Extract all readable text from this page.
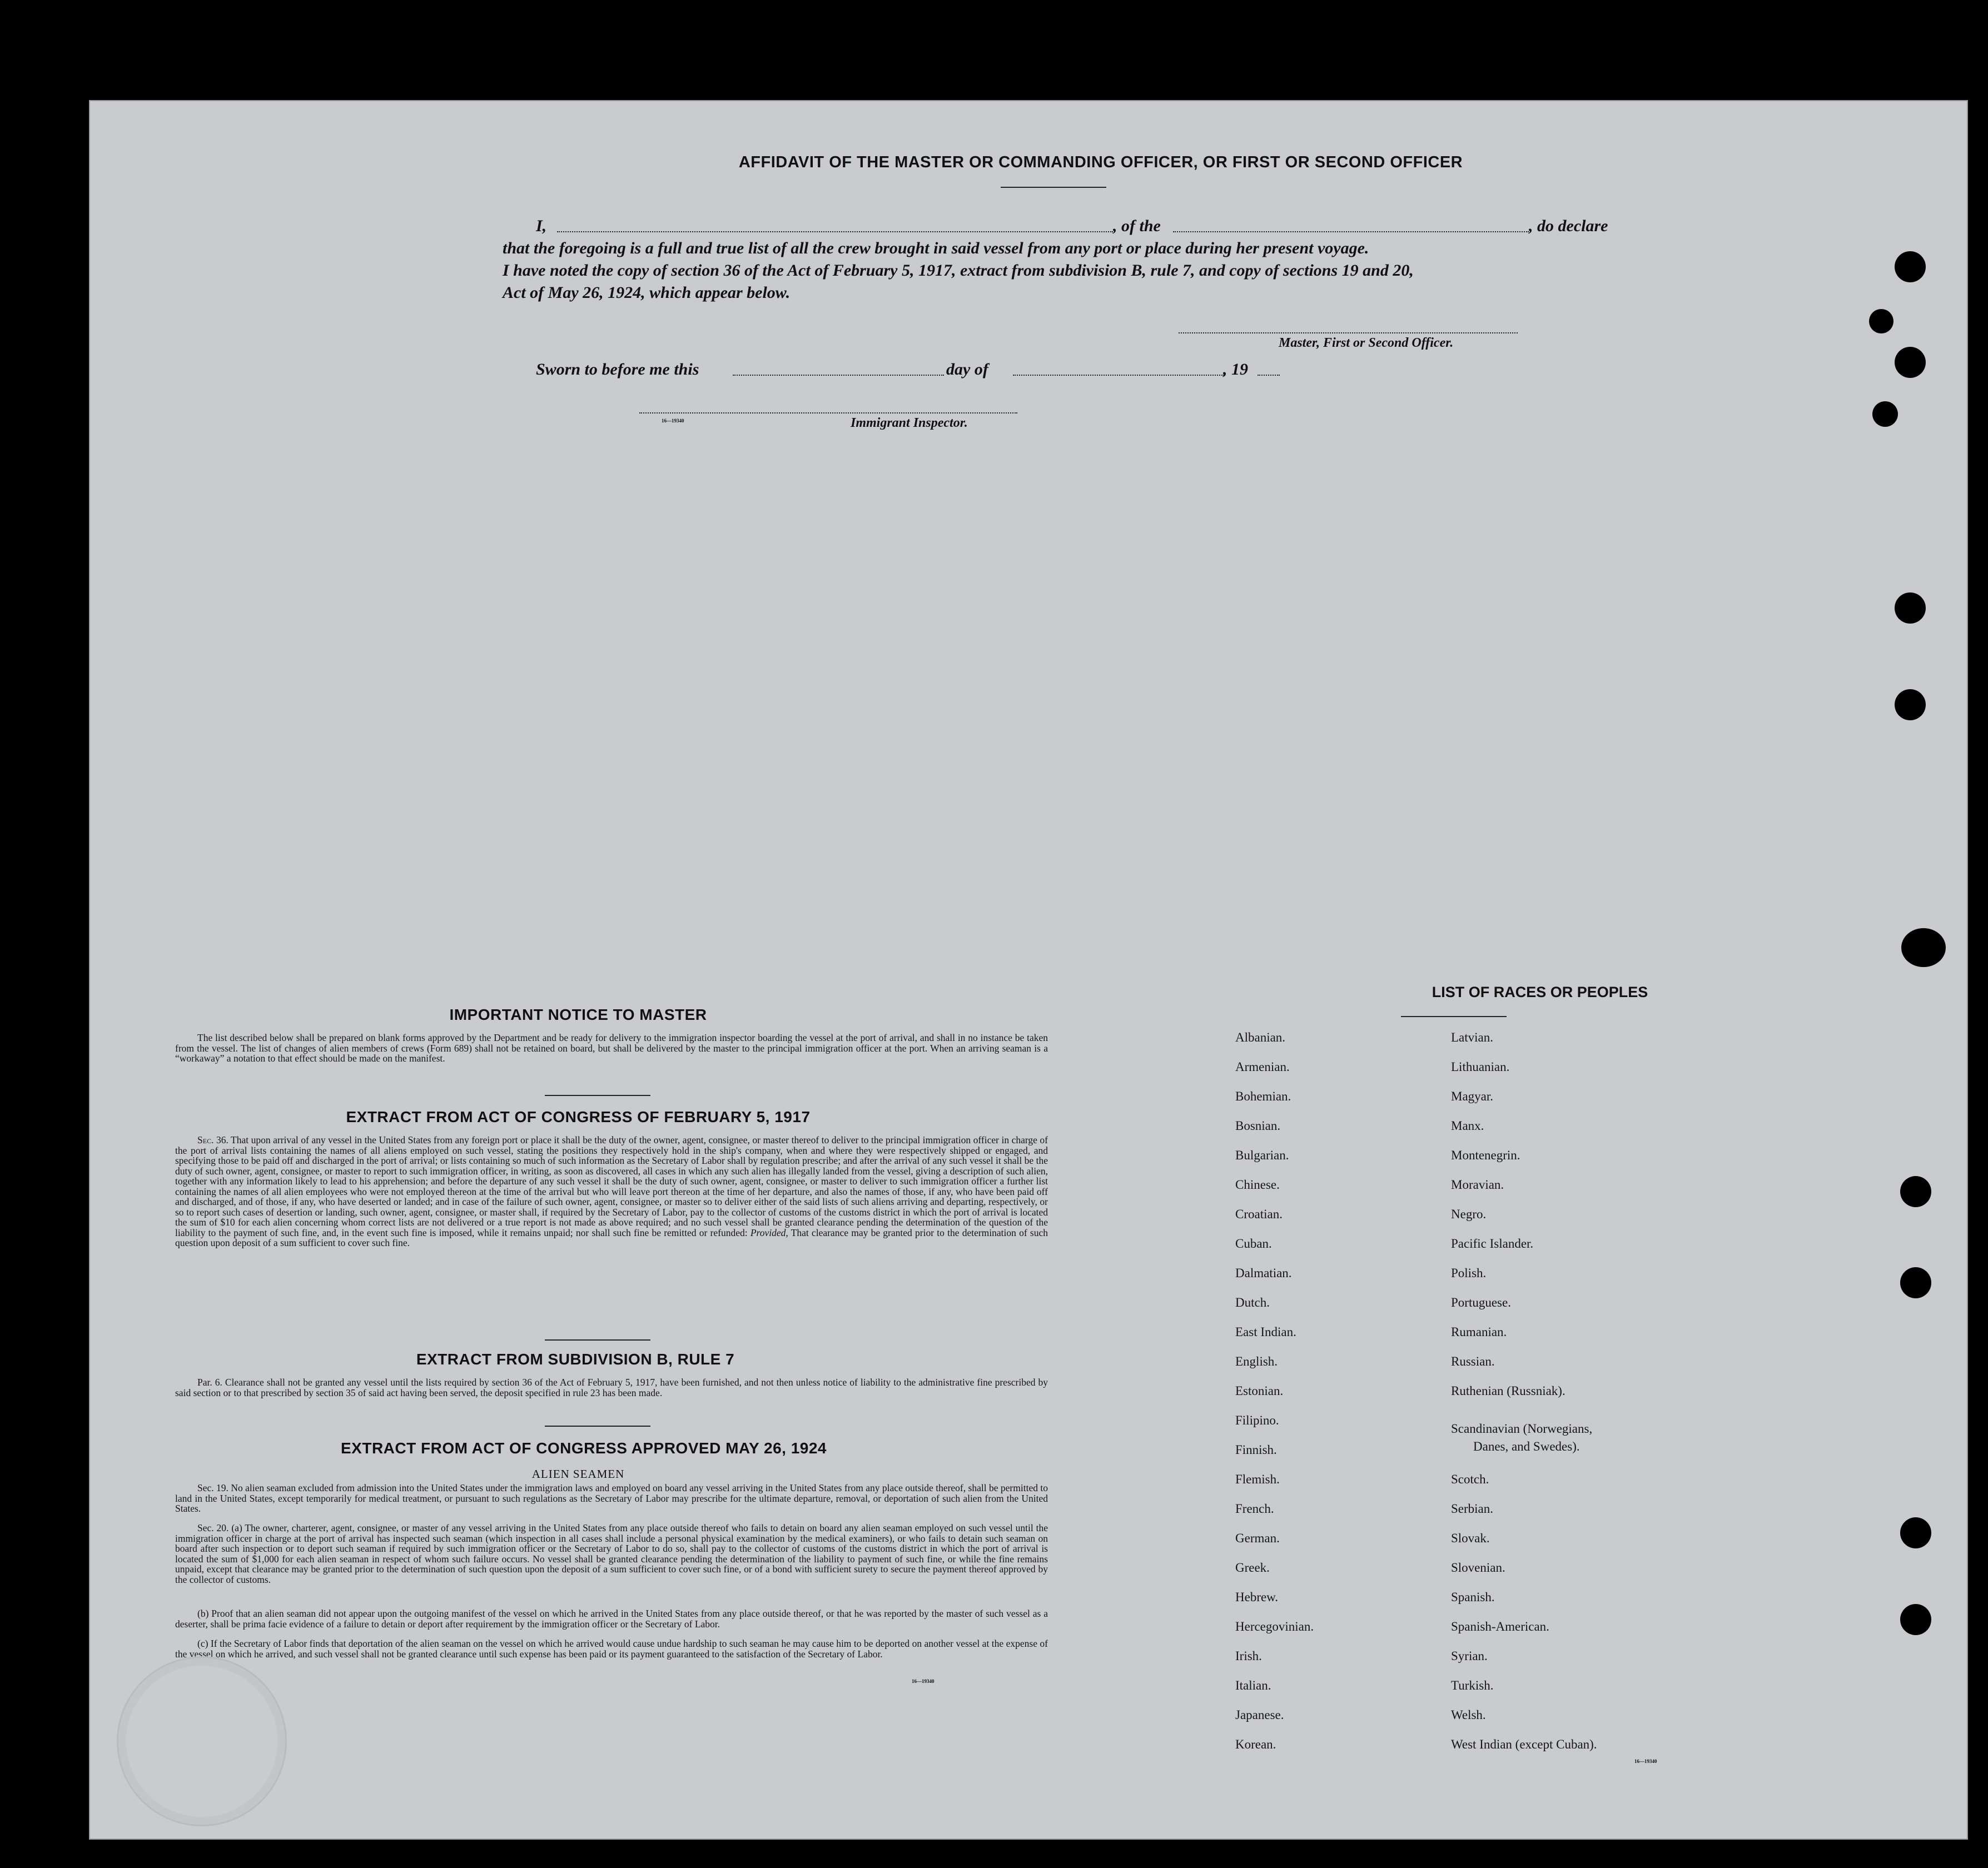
AFFIDAVIT OF THE MASTER OR COMMANDING OFFICER, OR FIRST OR SECOND OFFICER
I,	, of the	, do declare
that the foregoing is a full and true list of all the crew brought in said vessel from any port or place during her present voyage.
I have noted the copy of section 36 of the Act of February 5, 1917, extract from subdivision B, rule 7, and copy of sections 19 and 20,
Act of May 26, 1924, which appear below.
Master, First or Second Officer.
Sworn to before me this	day of	, 19
16—19340	Immigrant Inspector.
IMPORTANT NOTICE TO MASTER
The list described below shall be prepared on blank forms approved by the Department and be ready for delivery to the immigration inspector boarding the vessel at the port of arrival, and shall in no instance be taken from the vessel. The list of changes of alien members of crews (Form 689) shall not be retained on board, but shall be delivered by the master to the principal immigration officer at the port. When an arriving seaman is a “workaway” a notation to that effect should be made on the manifest.
EXTRACT FROM ACT OF CONGRESS OF FEBRUARY 5, 1917
Sec. 36. That upon arrival of any vessel in the United States from any foreign port or place it shall be the duty of the owner, agent, consignee, or master thereof to deliver to the principal immigration officer in charge of the port of arrival lists containing the names of all aliens employed on such vessel, stating the positions they respectively hold in the ship's company, when and where they were respectively shipped or engaged, and specifying those to be paid off and discharged in the port of arrival; or lists containing so much of such information as the Secretary of Labor shall by regulation prescribe; and after the arrival of any such vessel it shall be the duty of such owner, agent, consignee, or master to report to such immigration officer, in writing, as soon as discovered, all cases in which any such alien has illegally landed from the vessel, giving a description of such alien, together with any information likely to lead to his apprehension; and before the departure of any such vessel it shall be the duty of such owner, agent, consignee, or master to deliver to such immigration officer a further list containing the names of all alien employees who were not employed thereon at the time of the arrival but who will leave port thereon at the time of her departure, and also the names of those, if any, who have been paid off and discharged, and of those, if any, who have deserted or landed; and in case of the failure of such owner, agent, consignee, or master so to deliver either of the said lists of such aliens arriving and departing, respectively, or so to report such cases of desertion or landing, such owner, agent, consignee, or master shall, if required by the Secretary of Labor, pay to the collector of customs of the customs district in which the port of arrival is located the sum of $10 for each alien concerning whom correct lists are not delivered or a true report is not made as above required; and no such vessel shall be granted clearance pending the determination of the question of the liability to the payment of such fine, and, in the event such fine is imposed, while it remains unpaid; nor shall such fine be remitted or refunded: Provided, That clearance may be granted prior to the determination of such question upon deposit of a sum sufficient to cover such fine.
EXTRACT FROM SUBDIVISION B, RULE 7
Par. 6. Clearance shall not be granted any vessel until the lists required by section 36 of the Act of February 5, 1917, have been furnished, and not then unless notice of liability to the administrative fine prescribed by said section or to that prescribed by section 35 of said act having been served, the deposit specified in rule 23 has been made.
EXTRACT FROM ACT OF CONGRESS APPROVED MAY 26, 1924
ALIEN SEAMEN
Sec. 19. No alien seaman excluded from admission into the United States under the immigration laws and employed on board any vessel arriving in the United States from any place outside thereof, shall be permitted to land in the United States, except temporarily for medical treatment, or pursuant to such regulations as the Secretary of Labor may prescribe for the ultimate departure, removal, or deportation of such alien from the United States.
Sec. 20. (a) The owner, charterer, agent, consignee, or master of any vessel arriving in the United States from any place outside thereof who fails to detain on board any alien seaman employed on such vessel until the immigration officer in charge at the port of arrival has inspected such seaman (which inspection in all cases shall include a personal physical examination by the medical examiners), or who fails to detain such seaman on board after such inspection or to deport such seaman if required by such immigration officer or the Secretary of Labor to do so, shall pay to the collector of customs of the customs district in which the port of arrival is located the sum of $1,000 for each alien seaman in respect of whom such failure occurs. No vessel shall be granted clearance pending the determination of the liability to payment of such fine, or while the fine remains unpaid, except that clearance may be granted prior to the determination of such question upon the deposit of a sum sufficient to cover such fine, or of a bond with sufficient surety to secure the payment thereof approved by the collector of customs.
(b) Proof that an alien seaman did not appear upon the outgoing manifest of the vessel on which he arrived in the United States from any place outside thereof, or that he was reported by the master of such vessel as a deserter, shall be prima facie evidence of a failure to detain or deport after requirement by the immigration officer or the Secretary of Labor.
(c) If the Secretary of Labor finds that deportation of the alien seaman on the vessel on which he arrived would cause undue hardship to such seaman he may cause him to be deported on another vessel at the expense of the vessel on which he arrived, and such vessel shall not be granted clearance until such expense has been paid or its payment guaranteed to the satisfaction of the Secretary of Labor.
16—19340
LIST OF RACES OR PEOPLES
Albanian.
Armenian.
Bohemian.
Bosnian.
Bulgarian.
Chinese.
Croatian.
Cuban.
Dalmatian.
Dutch.
East Indian.
English.
Estonian.
Filipino.
Finnish.
Flemish.
French.
German.
Greek.
Hebrew.
Hercegovinian.
Irish.
Italian.
Japanese.
Korean.
Latvian.
Lithuanian.
Magyar.
Manx.
Montenegrin.
Moravian.
Negro.
Pacific Islander.
Polish.
Portuguese.
Rumanian.
Russian.
Ruthenian (Russniak).
Scandinavian (Norwegians,
Danes, and Swedes).
Scotch.
Serbian.
Slovak.
Slovenian.
Spanish.
Spanish-American.
Syrian.
Turkish.
Welsh.
West Indian (except Cuban).
16—19340
